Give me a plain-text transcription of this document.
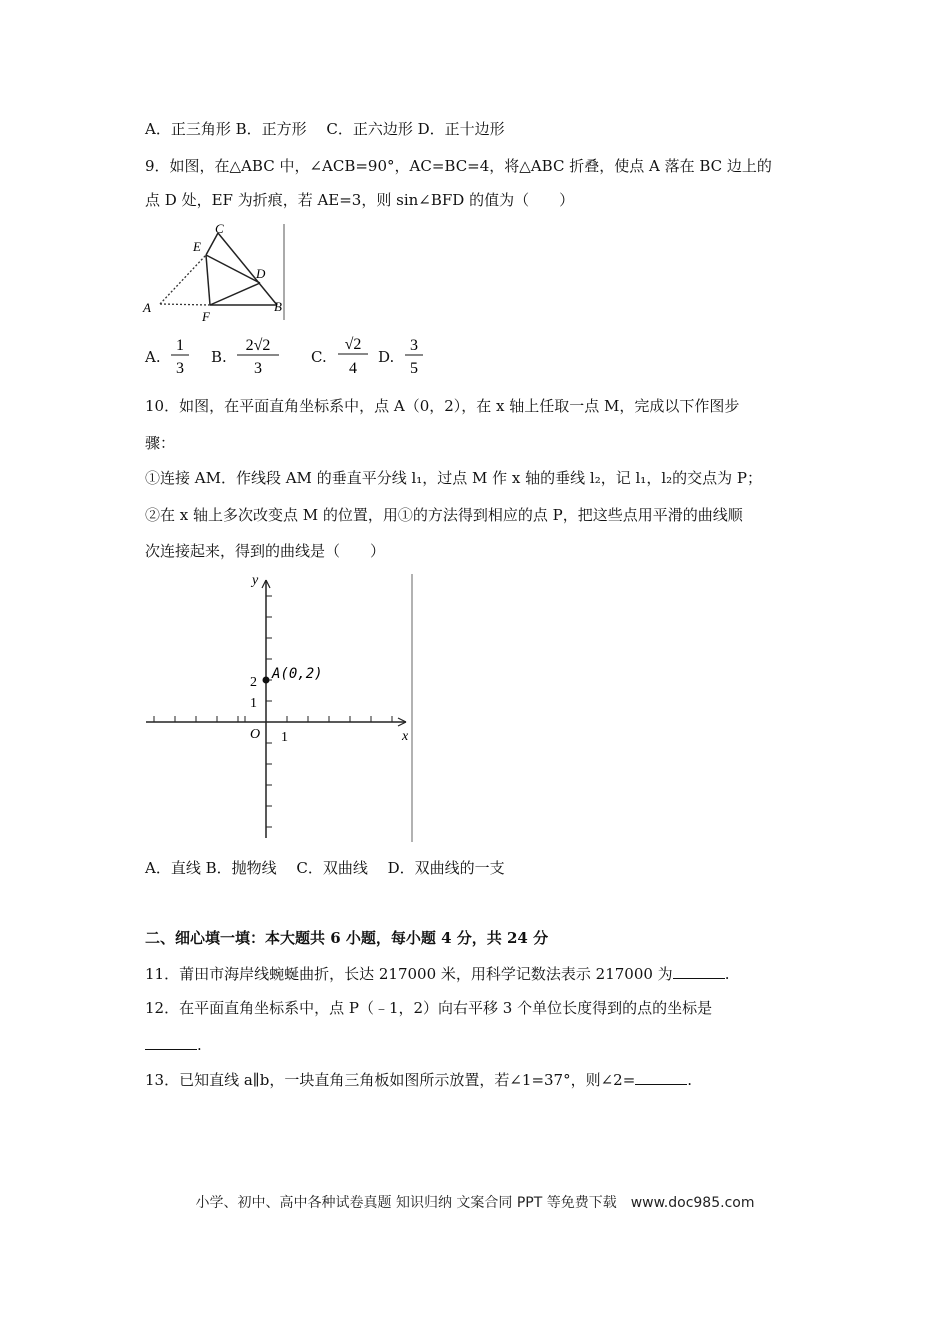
A．正三角形 B．正方形　 C．正六边形 D．正十边形
9．如图，在△ABC 中，∠ACB=90°，AC=BC=4，将△ABC 折叠，使点 A 落在 BC 边上的
点 D 处，EF 为折痕，若 AE=3，则 sin∠BFD 的值为（　　）
C
E
D
A	B
F
A.
1
3
B.
2√2
3
C.
√2
4
D.
3
5
10．如图，在平面直角坐标系中，点 A（0，2），在 x 轴上任取一点 M，完成以下作图步
骤：
①连接 AM．作线段 AM 的垂直平分线 l₁，过点 M 作 x 轴的垂线 l₂，记 l₁，l₂的交点为 P；
②在 x 轴上多次改变点 M 的位置，用①的方法得到相应的点 P，把这些点用平滑的曲线顺
次连接起来，得到的曲线是（　　）
y
x
O 1
1
2
A(0,2)
A．直线 B．抛物线　 C．双曲线　 D．双曲线的一支
二、细心填一填：本大题共 6 小题，每小题 4 分，共 24 分
11．莆田市海岸线蜿蜒曲折，长达 217000 米，用科学记数法表示 217000 为	.
12．在平面直角坐标系中，点 P（﹣1，2）向右平移 3 个单位长度得到的点的坐标是
.
13．已知直线 a∥b，一块直角三角板如图所示放置，若∠1=37°，则∠2=	.
小学、初中、高中各种试卷真题 知识归纳 文案合同 PPT 等免费下载　www.doc985.com
